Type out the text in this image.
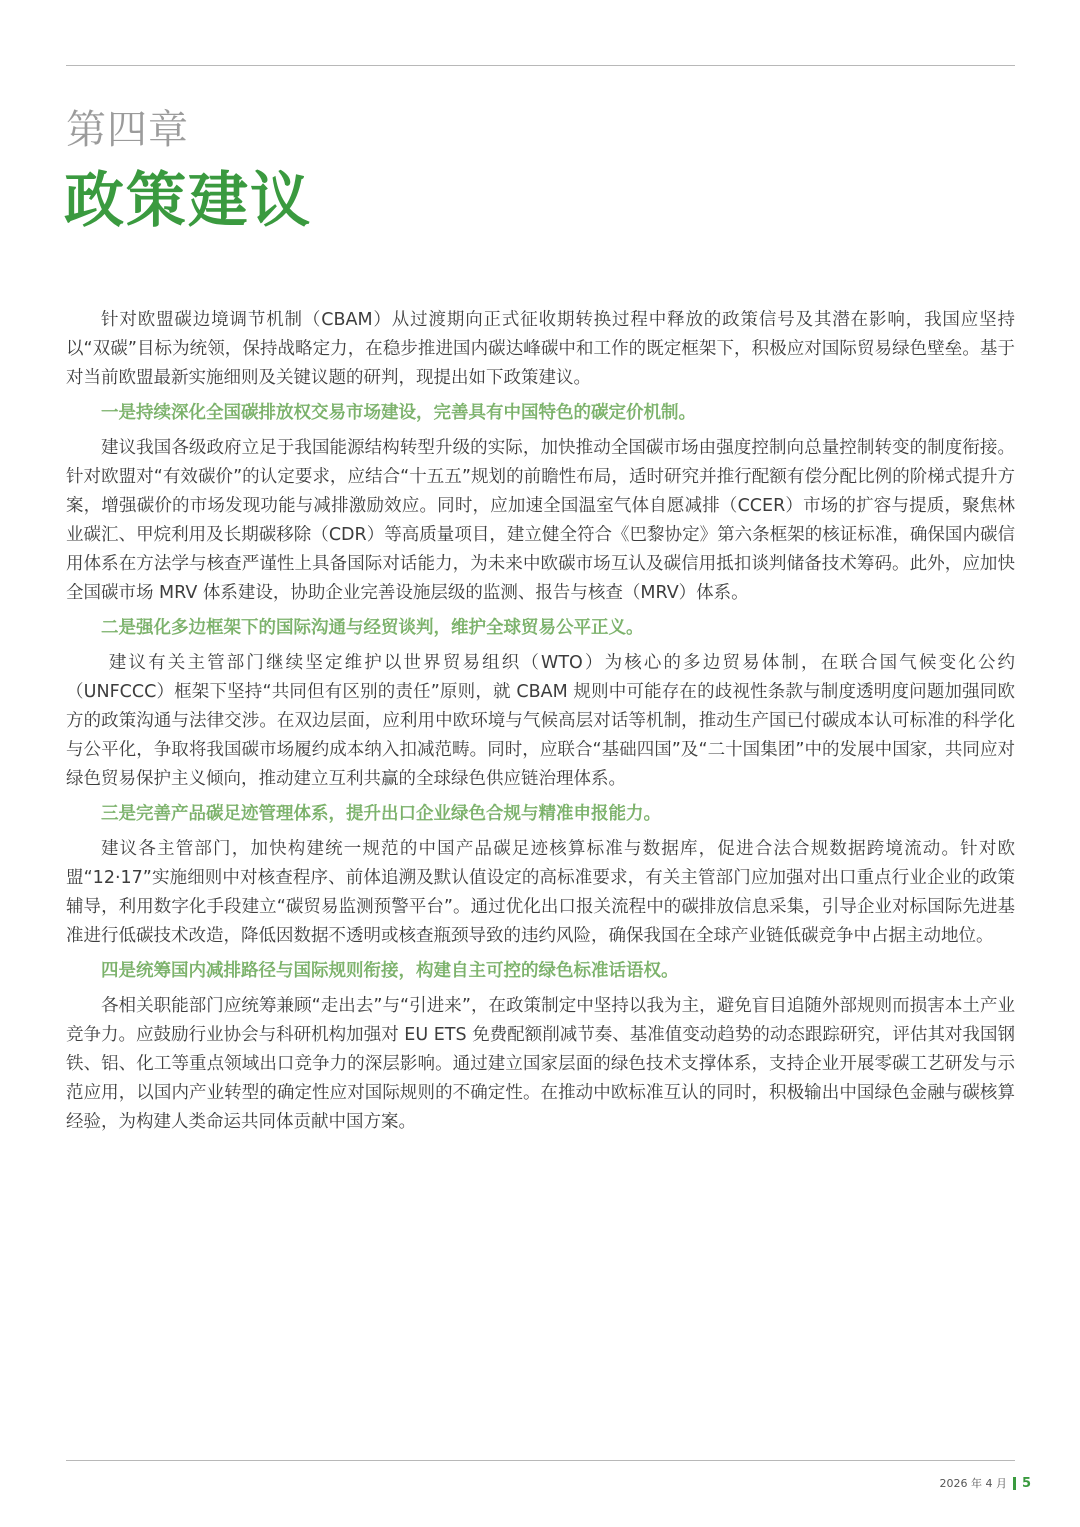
第四章
政策建议

针对欧盟碳边境调节机制（CBAM）从过渡期向正式征收期转换过程中释放的政策信号及其潜在影响，我国应坚持以“双碳”目标为统领，保持战略定力，在稳步推进国内碳达峰碳中和工作的既定框架下，积极应对国际贸易绿色壁垒。基于对当前欧盟最新实施细则及关键议题的研判，现提出如下政策建议。

一是持续深化全国碳排放权交易市场建设，完善具有中国特色的碳定价机制。

建议我国各级政府立足于我国能源结构转型升级的实际，加快推动全国碳市场由强度控制向总量控制转变的制度衔接。针对欧盟对“有效碳价”的认定要求，应结合“十五五”规划的前瞻性布局，适时研究并推行配额有偿分配比例的阶梯式提升方案，增强碳价的市场发现功能与减排激励效应。同时，应加速全国温室气体自愿减排（CCER）市场的扩容与提质，聚焦林业碳汇、甲烷利用及长期碳移除（CDR）等高质量项目，建立健全符合《巴黎协定》第六条框架的核证标准，确保国内碳信用体系在方法学与核查严谨性上具备国际对话能力，为未来中欧碳市场互认及碳信用抵扣谈判储备技术筹码。此外，应加快全国碳市场 MRV 体系建设，协助企业完善设施层级的监测、报告与核查（MRV）体系。

二是强化多边框架下的国际沟通与经贸谈判，维护全球贸易公平正义。

建议有关主管部门继续坚定维护以世界贸易组织（WTO）为核心的多边贸易体制，在联合国气候变化公约（UNFCCC）框架下坚持“共同但有区别的责任”原则，就 CBAM 规则中可能存在的歧视性条款与制度透明度问题加强同欧方的政策沟通与法律交涉。在双边层面，应利用中欧环境与气候高层对话等机制，推动生产国已付碳成本认可标准的科学化与公平化，争取将我国碳市场履约成本纳入扣减范畴。同时，应联合“基础四国”及“二十国集团”中的发展中国家，共同应对绿色贸易保护主义倾向，推动建立互利共赢的全球绿色供应链治理体系。

三是完善产品碳足迹管理体系，提升出口企业绿色合规与精准申报能力。

建议各主管部门，加快构建统一规范的中国产品碳足迹核算标准与数据库，促进合法合规数据跨境流动。针对欧盟“12·17”实施细则中对核查程序、前体追溯及默认值设定的高标准要求，有关主管部门应加强对出口重点行业企业的政策辅导，利用数字化手段建立“碳贸易监测预警平台”。通过优化出口报关流程中的碳排放信息采集，引导企业对标国际先进基准进行低碳技术改造，降低因数据不透明或核查瓶颈导致的违约风险，确保我国在全球产业链低碳竞争中占据主动地位。

四是统筹国内减排路径与国际规则衔接，构建自主可控的绿色标准话语权。

各相关职能部门应统筹兼顾“走出去”与“引进来”，在政策制定中坚持以我为主，避免盲目追随外部规则而损害本土产业竞争力。应鼓励行业协会与科研机构加强对 EU ETS 免费配额削减节奏、基准值变动趋势的动态跟踪研究，评估其对我国钢铁、铝、化工等重点领域出口竞争力的深层影响。通过建立国家层面的绿色技术支撑体系，支持企业开展零碳工艺研发与示范应用，以国内产业转型的确定性应对国际规则的不确定性。在推动中欧标准互认的同时，积极输出中国绿色金融与碳核算经验，为构建人类命运共同体贡献中国方案。

2026 年 4 月 5
